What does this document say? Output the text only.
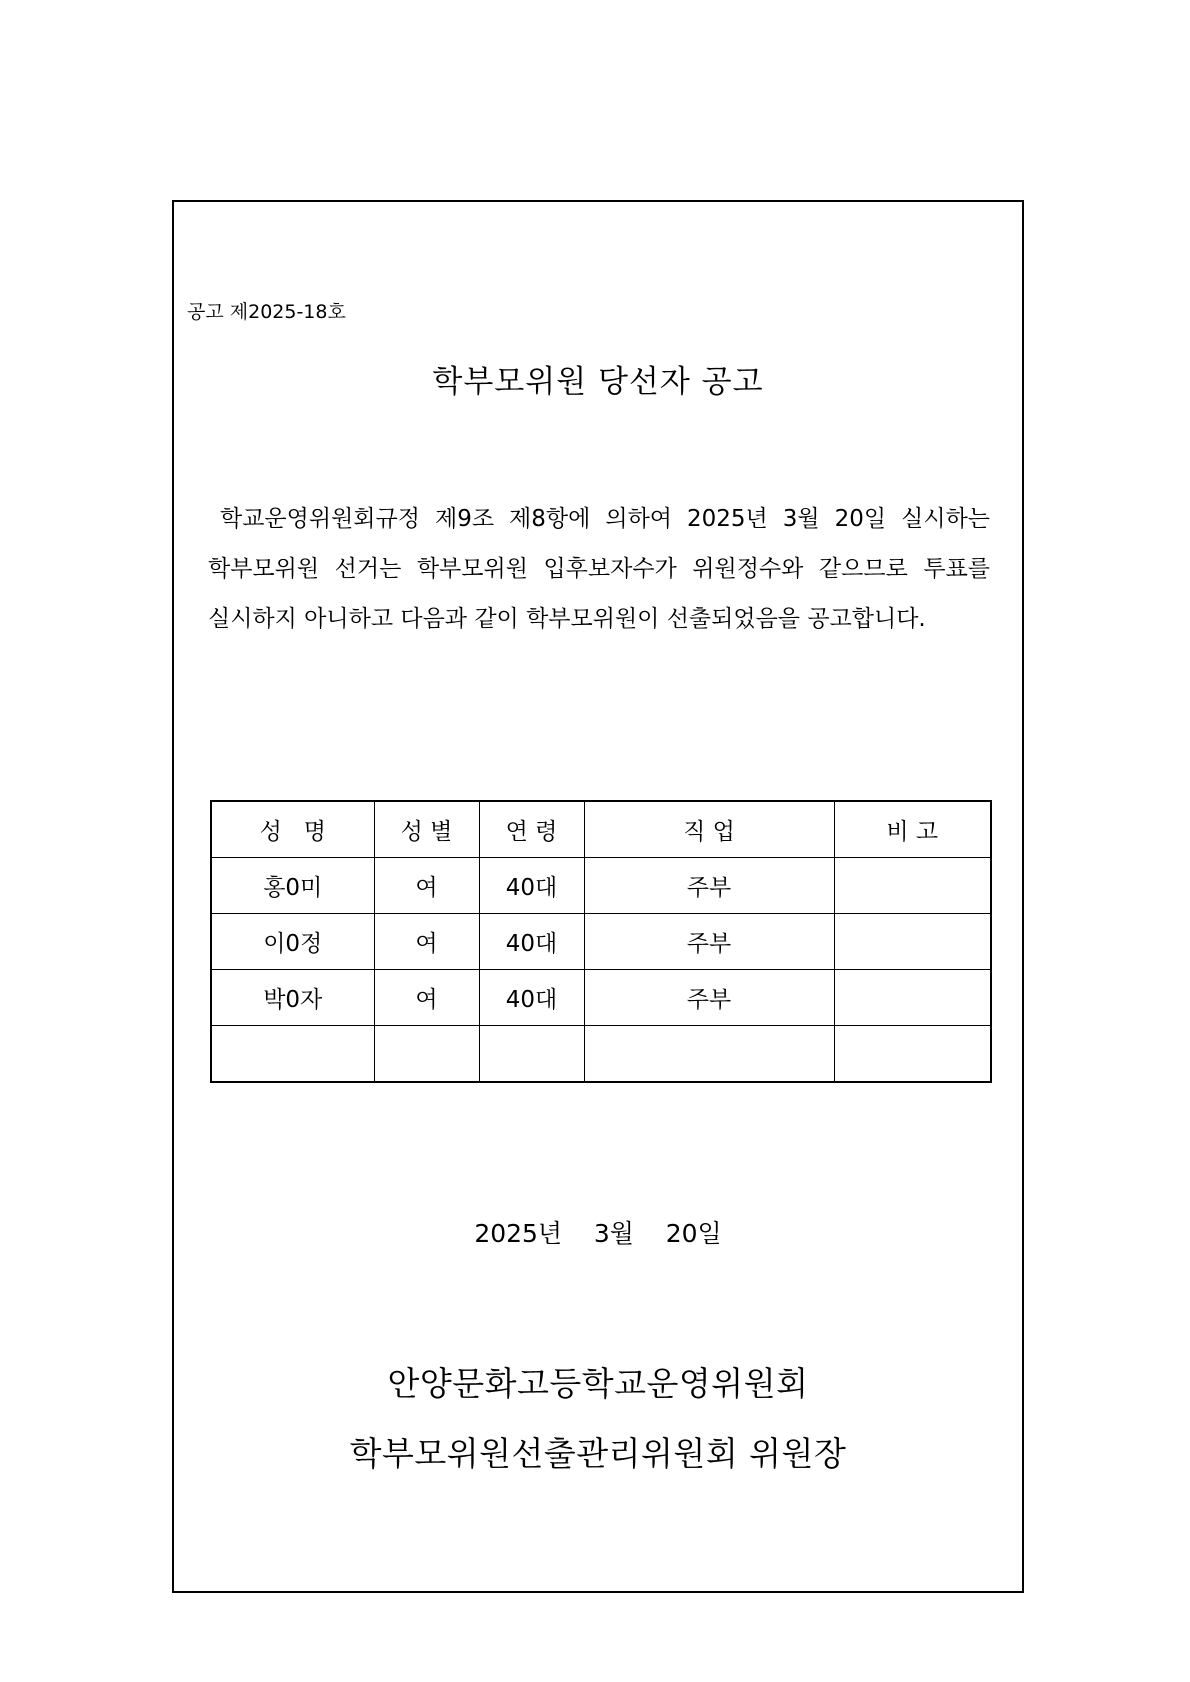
공고 제2025-18호
학부모위원 당선자 공고

학교운영위원회규정 제9조 제8항에 의하여 2025년 3월 20일 실시하는 학부모위원 선거는 학부모위원 입후보자수가 위원정수와 같으므로 투표를 실시하지 아니하고 다음과 같이 학부모위원이 선출되었음을 공고합니다.

성   명	성 별	연 령	직 업	비 고
홍0미	여	40대	주부	
이0정	여	40대	주부	
박0자	여	40대	주부	

2025년    3월    20일
안양문화고등학교운영위원회
학부모위원선출관리위원회 위원장
